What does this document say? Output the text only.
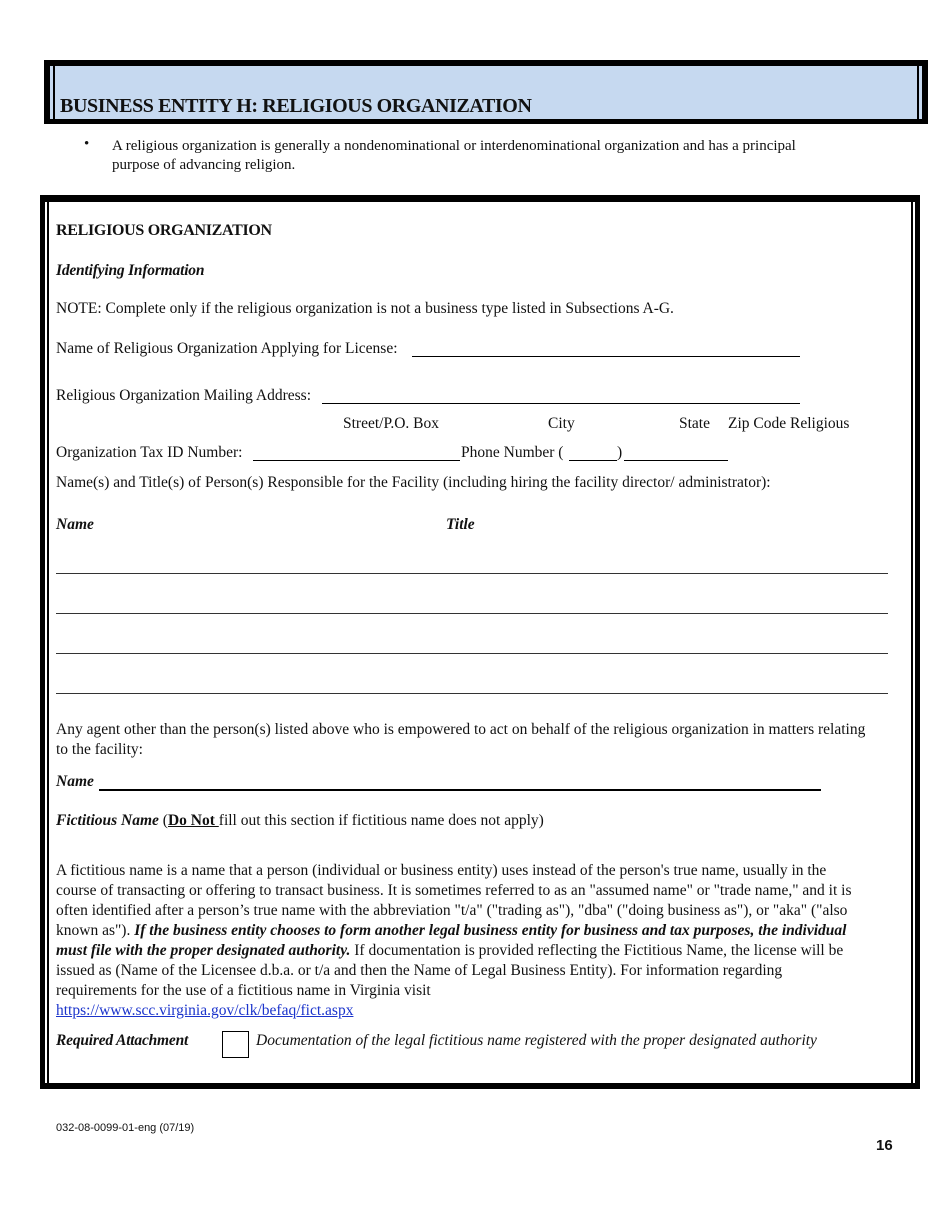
BUSINESS ENTITY H: RELIGIOUS ORGANIZATION
• A religious organization is generally a nondenominational or interdenominational organization and has a principal purpose of advancing religion.
RELIGIOUS ORGANIZATION
Identifying Information
NOTE: Complete only if the religious organization is not a business type listed in Subsections A-G.
Name of Religious Organization Applying for License:
Religious Organization Mailing Address:
Street/P.O. Box	City	State Zip Code Religious
Organization Tax ID Number:	Phone Number (	)
Name(s) and Title(s) of Person(s) Responsible for the Facility (including hiring the facility director/ administrator):
Name	Title
Any agent other than the person(s) listed above who is empowered to act on behalf of the religious organization in matters relating to the facility:
Name
Fictitious Name (Do Not fill out this section if fictitious name does not apply)
A fictitious name is a name that a person (individual or business entity) uses instead of the person's true name, usually in the course of transacting or offering to transact business. It is sometimes referred to as an "assumed name" or "trade name," and it is often identified after a person’s true name with the abbreviation "t/a" ("trading as"), "dba" ("doing business as"), or "aka" ("also known as"). If the business entity chooses to form another legal business entity for business and tax purposes, the individual must file with the proper designated authority. If documentation is provided reflecting the Fictitious Name, the license will be issued as (Name of the Licensee d.b.a. or t/a and then the Name of Legal Business Entity). For information regarding requirements for the use of a fictitious name in Virginia visit
https://www.scc.virginia.gov/clk/befaq/fict.aspx
Required Attachment	Documentation of the legal fictitious name registered with the proper designated authority
032-08-0099-01-eng (07/19)
16
